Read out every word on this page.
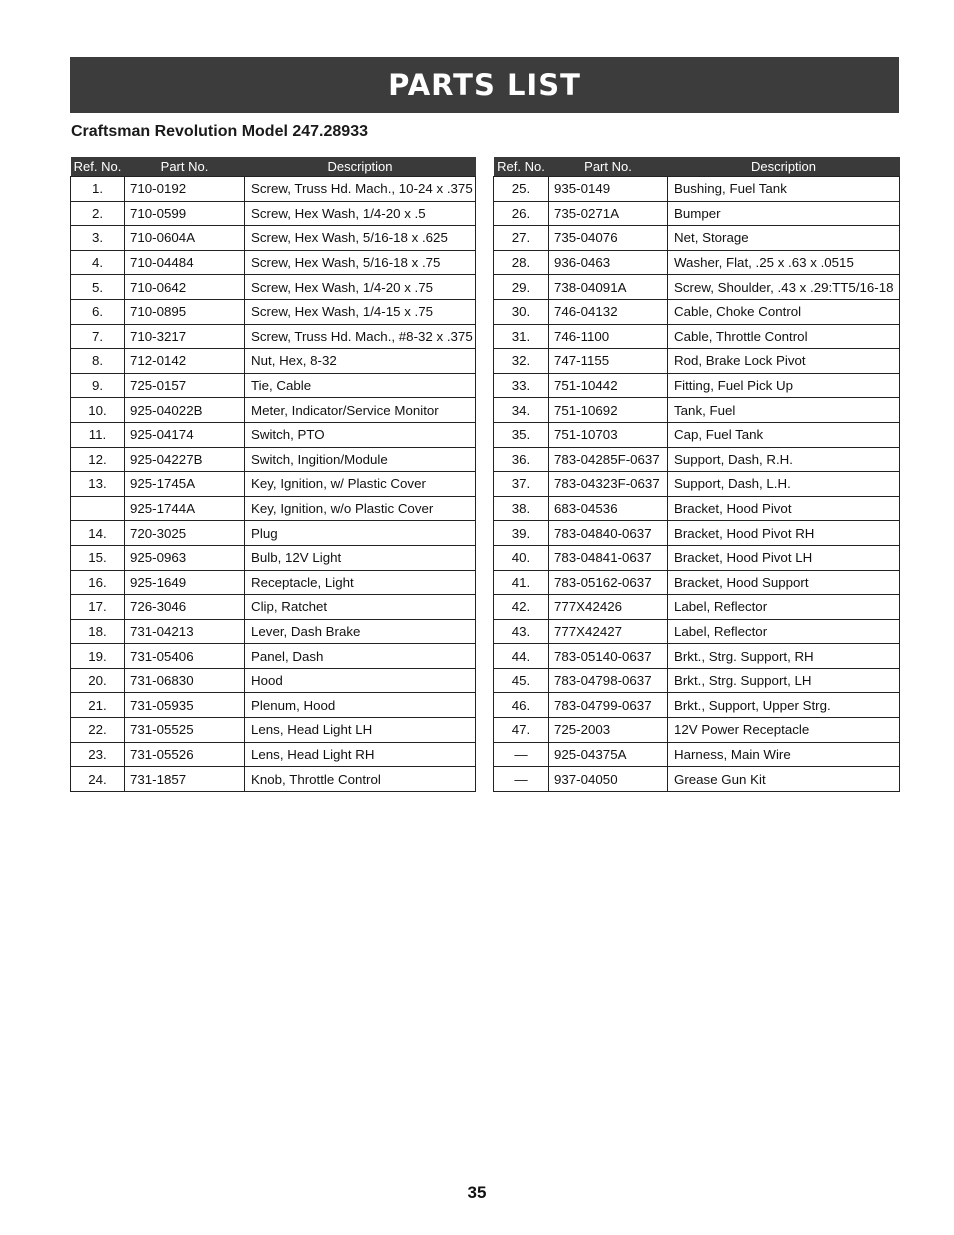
PARTS LIST
Craftsman Revolution Model 247.28933
Ref. No.	Part No.	Description
1.	710-0192	Screw, Truss Hd. Mach., 10-24 x .375
2.	710-0599	Screw, Hex Wash, 1/4-20 x .5
3.	710-0604A	Screw, Hex Wash, 5/16-18 x .625
4.	710-04484	Screw, Hex Wash, 5/16-18 x .75
5.	710-0642	Screw, Hex Wash, 1/4-20 x .75
6.	710-0895	Screw, Hex Wash, 1/4-15 x .75
7.	710-3217	Screw, Truss Hd. Mach., #8-32 x .375
8.	712-0142	Nut, Hex, 8-32
9.	725-0157	Tie, Cable
10.	925-04022B	Meter, Indicator/Service Monitor
11.	925-04174	Switch, PTO
12.	925-04227B	Switch, Ingition/Module
13.	925-1745A	Key, Ignition, w/ Plastic Cover
	925-1744A	Key, Ignition, w/o Plastic Cover
14.	720-3025	Plug
15.	925-0963	Bulb, 12V Light
16.	925-1649	Receptacle, Light
17.	726-3046	Clip, Ratchet
18.	731-04213	Lever, Dash Brake
19.	731-05406	Panel, Dash
20.	731-06830	Hood
21.	731-05935	Plenum, Hood
22.	731-05525	Lens, Head Light LH
23.	731-05526	Lens, Head Light RH
24.	731-1857	Knob, Throttle Control
Ref. No.	Part No.	Description
25.	935-0149	Bushing, Fuel Tank
26.	735-0271A	Bumper
27.	735-04076	Net, Storage
28.	936-0463	Washer, Flat, .25 x .63 x .0515
29.	738-04091A	Screw, Shoulder, .43 x .29:TT5/16-18
30.	746-04132	Cable, Choke Control
31.	746-1100	Cable, Throttle Control
32.	747-1155	Rod, Brake Lock Pivot
33.	751-10442	Fitting, Fuel Pick Up
34.	751-10692	Tank, Fuel
35.	751-10703	Cap, Fuel Tank
36.	783-04285F-0637	Support, Dash, R.H.
37.	783-04323F-0637	Support, Dash, L.H.
38.	683-04536	Bracket, Hood Pivot
39.	783-04840-0637	Bracket, Hood Pivot RH
40.	783-04841-0637	Bracket, Hood Pivot LH
41.	783-05162-0637	Bracket, Hood Support
42.	777X42426	Label, Reflector
43.	777X42427	Label, Reflector
44.	783-05140-0637	Brkt., Strg. Support, RH
45.	783-04798-0637	Brkt., Strg. Support, LH
46.	783-04799-0637	Brkt., Support, Upper Strg.
47.	725-2003	12V Power Receptacle
—	925-04375A	Harness, Main Wire
—	937-04050	Grease Gun Kit
35
